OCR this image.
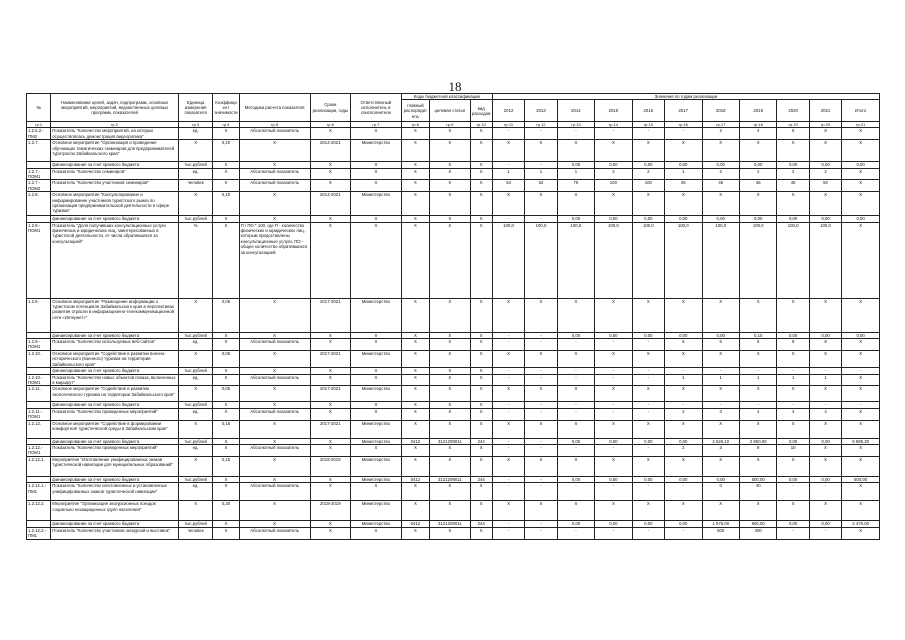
18
№	Наименование целей, задач, подпрограмм, основных мероприятий, мероприятий, ведомственных целевых программ, показателей	Единица измерения показателя	Коэффициент значимости	Методика расчета показателя	Сроки реализации, годы	Ответственный исполнитель и соисполнители	Коды бюджетной классификации			Значения по годам реализации										
							главный распорядитель	целевая статья	вид расходов	2012	2013	2014	2015	2016	2017	2018	2019	2020	2021	Итого
гр.1	гр.2	гр.3	гр.4	гр.5	гр.6	гр.7	гр.8	гр.9	гр.10	гр.11	гр.12	гр.13	гр.14	гр.15	гр.16	гр.17	гр.18	гр.19	гр.20	гр.21
1.2.6.2.-ПМ2	Показатель "Количество мероприятий, на которых осуществлялась демонстрация видеоролика"	ед.	Х	Абсолютный показатель	Х	Х	Х	Х	Х	-	-	-	-	-	-	2	4	6	8	Х
1.2.7.	Основное мероприятие "Организация и проведение обучающих тематических семинаров для предпринимателей туротрасли Забайкальского края"	Х	0,10	Х	2014-2021	Министерство	Х	Х	Х	Х	Х	Х	Х	Х	Х	Х	Х	Х	Х	Х
	финансирование за счет краевого бюджета	тыс.рублей	Х	Х	Х	Х	Х	Х	Х	-	-	0,00	0,00	0,00	0,00	0,00	0,00	0,00	0,00	0,00
1.2.7.-ПОМ1	Показатель "Количество семинаров"	ед.	Х	Абсолютный показатель	Х	Х	Х	Х	Х	1	1	1	2	2	1	2	2	2	2	Х
1.2.7.-ПОМ2	Показатель "Количество участников семинаров"	человек	Х	Абсолютный показатель	Х	Х	Х	Х	Х	54	62	70	100	100	45	45	45	45	50	Х
1.2.8.	Основное мероприятие "Консультирование и информирование участников туристского рынка по организации предпринимательской деятельности в сфере туризма"	Х	0,10	Х	2014-2021	Министерство	Х	Х	Х	Х	Х	Х	Х	Х	Х	Х	Х	Х	Х	Х
	финансирование за счет краевого бюджета	тыс.рублей	Х	Х	Х	Х	Х	Х	Х	-	-	0,00	0,00	0,00	0,00	0,00	0,00	0,00	0,00	0,00
1.2.8.-ПОМ1	Показатель "Доля получивших консультационные услуги физических и юридических лиц, заинтересованных в туристской деятельности, от числа обратившихся за консультацией"	%	Х	П / ПО * 100, где П - количество физических и юридических лиц, которым предоставлены консультационные услуги, ПО - общее количество обратившихся за консультацией	Х	Х	Х	Х	Х	100,0	100,0	100,0	100,0	100,0	100,0	100,0	100,0	100,0	100,0	Х
1.2.9.	Основное мероприятие "Размещение информации о туристском потенциале Забайкальского края в перспективах развития отрасли в информационно-телекоммуникационной сети «Интернет»"	Х	0,05	Х	2017-2021	Министерство	Х	Х	Х	Х	Х	Х	Х	Х	Х	Х	Х	Х	Х	Х
	финансирование за счет краевого бюджета	тыс.рублей	Х	Х	Х	Х	Х	Х	Х	-	-	0,00	0,00	0,00	0,00	0,00	0,10	0,00	0,00	0,00
1.2.9.-ПОМ1	Показатель "Количество используемых веб-сайтов"	ед.	Х	Абсолютный показатель	Х	Х	Х	Х	Х	-	-	-	-	-	5	6	6	8	8	Х
1.2.10.	Основное мероприятие "Содействие в развитии военно-исторического (военного) туризма на территории Забайкальского края"	Х	0,05	Х	2017-2021	Министерство	Х	Х	Х	Х	Х	Х	Х	Х	Х	Х	Х	Х	Х	Х
	финансирование за счет краевого бюджета	тыс.рублей	Х	Х	Х	Х	Х	Х	Х	-	-	-	-	-	-	-	-	-	-	-
1.2.10.-ПОМ1	Показатель "Количество новых объектов показа, включенных в маршрут"	ед.	Х	Абсолютный показатель	Х	Х	Х	Х	Х	-	-	-	-	-	1	1	1	1	1	Х
1.2.11.	Основное мероприятие "Содействие в развитии экологического туризма на территории Забайкальского края"	Х	0,05	Х	2017-2021	Министерство	Х	Х	Х	Х	Х	Х	Х	Х	Х	Х	Х	Х	Х	Х
	финансирование за счет краевого бюджета	тыс.рублей	Х	Х	Х	Х	Х	Х	Х	-	-	-	-	-	-	-	-	-	-	-
1.2.11.-ПОМ1	Показатель "Количество проведенных мероприятий"	ед.	Х	Абсолютный показатель	Х	Х	Х	Х	Х	-	-	-	-	-	2	3	4	4	4	Х
1.2.12.	Основное мероприятие "Содействие в формировании комфортной туристической среды в Забайкальском крае"	Х	0,15	Х	2017-2021	Министерство	Х	Х	Х	Х	Х	Х	Х	Х	Х	Х	Х	Х	Х	Х
	финансирование за счет краевого бюджета	тыс.рублей	Х	Х	Х	Министерство	0412	3121209011	244	-	-	0,00	0,00	0,00	0,00	2 626,10	2 950,00	0,00	0,00	5 585,30
1.2.12.-ПОМ1	Показатель "Количество проведенных мероприятий"	ед.	Х	Абсолютный показатель	Х	Х	Х	Х	Х	-	-	-	-	-	2	3	9	10	Х	Х
1.2.12.1.	Мероприятие "Изготовление унифицированных знаков туристической навигации для муниципальных образований"	Х	0,15	Х	2018-2019	Министерство	Х	Х	Х	Х	Х	Х	Х	Х	Х	Х	Х	Х	Х	Х
	финансирование за счет краевого бюджета	тыс.рублей	Х	Х	Х	Министерство	0412	3121209011	244	-	-	0,00	0,00	0,00	0,00	0,00	500,00	0,00	0,00	500,00
1.2.12.1.-ПМ1	Показатель "Количество изготовленных и установленных унифицированных знаков туристической навигации"	ед.	Х	Абсолютный показатель	Х	Х	Х	Х	Х	-	-	-	-	-	-	0	40	-	-	Х
1.2.12.2.	Мероприятие "Организация экскурсионных поездок социально незащищенных групп населения"	Х	0,20	Х	2018-2019	Министерство	Х	Х	Х	Х	Х	Х	Х	Х	Х	Х	Х	Х	Х	Х
	финансирование за счет краевого бюджета	тыс.рублей	Х	Х	Х	Министерство	0412	3121209011	244	-	-	0,00	0,00	0,00	0,00	1 575,00	900,00	0,00	0,00	2 475,00
1.2.12.2.-ПМ1	Показатель "Количество участников экскурсий и выставок"	человек	Х	Абсолютный показатель	Х	Х	Х	Х	Х	-	-	-	-	-	-	500	400	-	-	Х
